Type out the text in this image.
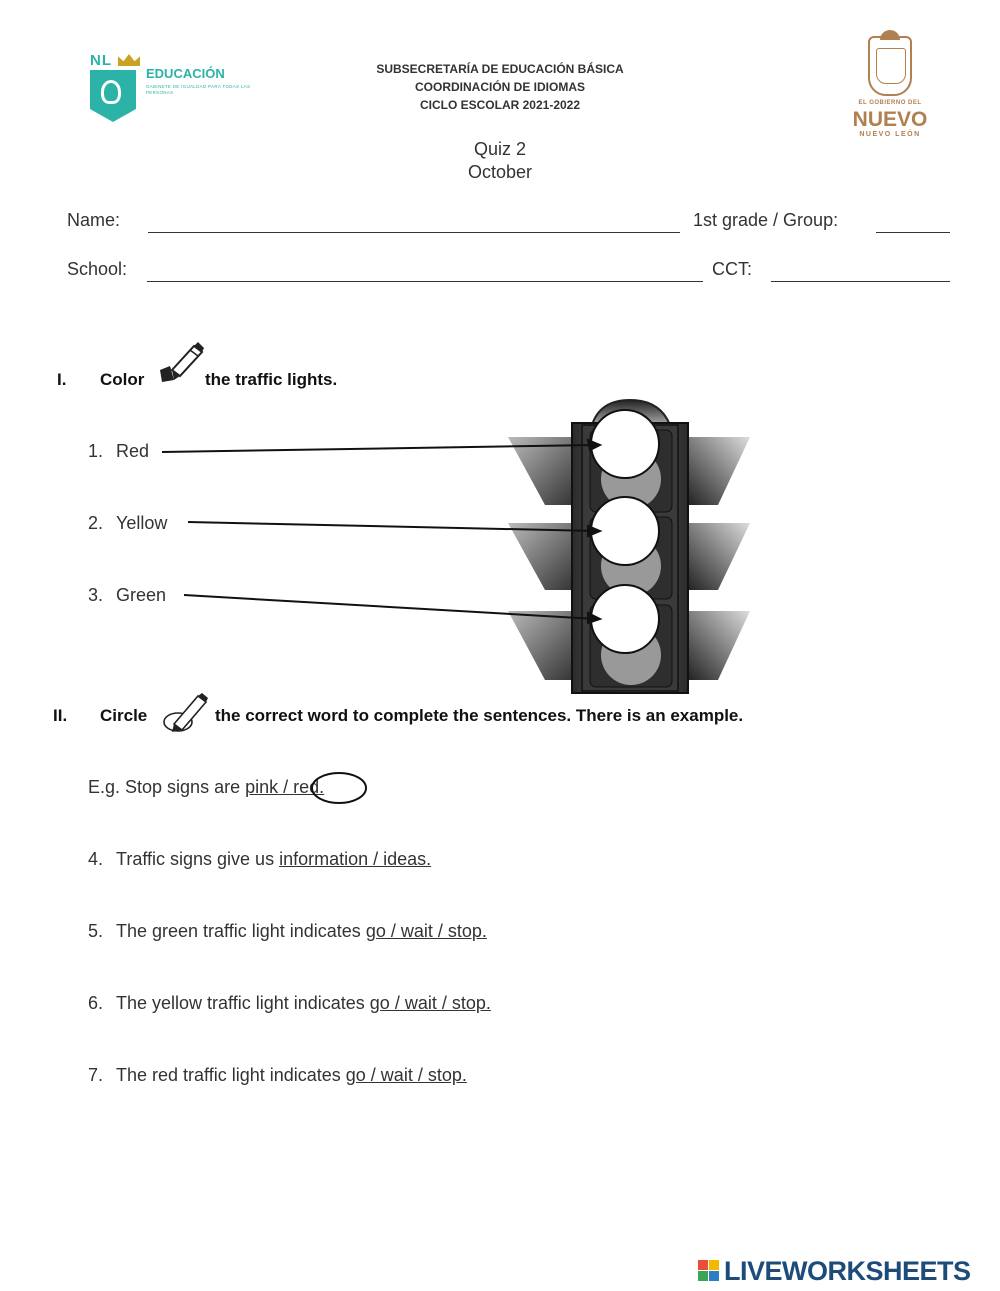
NL
EDUCACIÓN
GABINETE DE IGUALDAD PARA TODAS LAS PERSONAS
SUBSECRETARÍA DE EDUCACIÓN BÁSICA
COORDINACIÓN DE IDIOMAS
CICLO ESCOLAR 2021-2022	EL GOBIERNO DEL
NUEVO
NUEVO LEÓN
Quiz 2
October
Name:	1st grade / Group:
School:	CCT:
I. Color	the traffic lights.
1. Red
2. Yellow
3. Green
II. Circle	the correct word to complete the sentences. There is an example.
E.g. Stop signs are pink / red.
4. Traffic signs give us information / ideas.
5. The green traffic light indicates go / wait / stop.
6. The yellow traffic light indicates go / wait / stop.
7. The red traffic light indicates go / wait / stop.
LIVEWORKSHEETS
